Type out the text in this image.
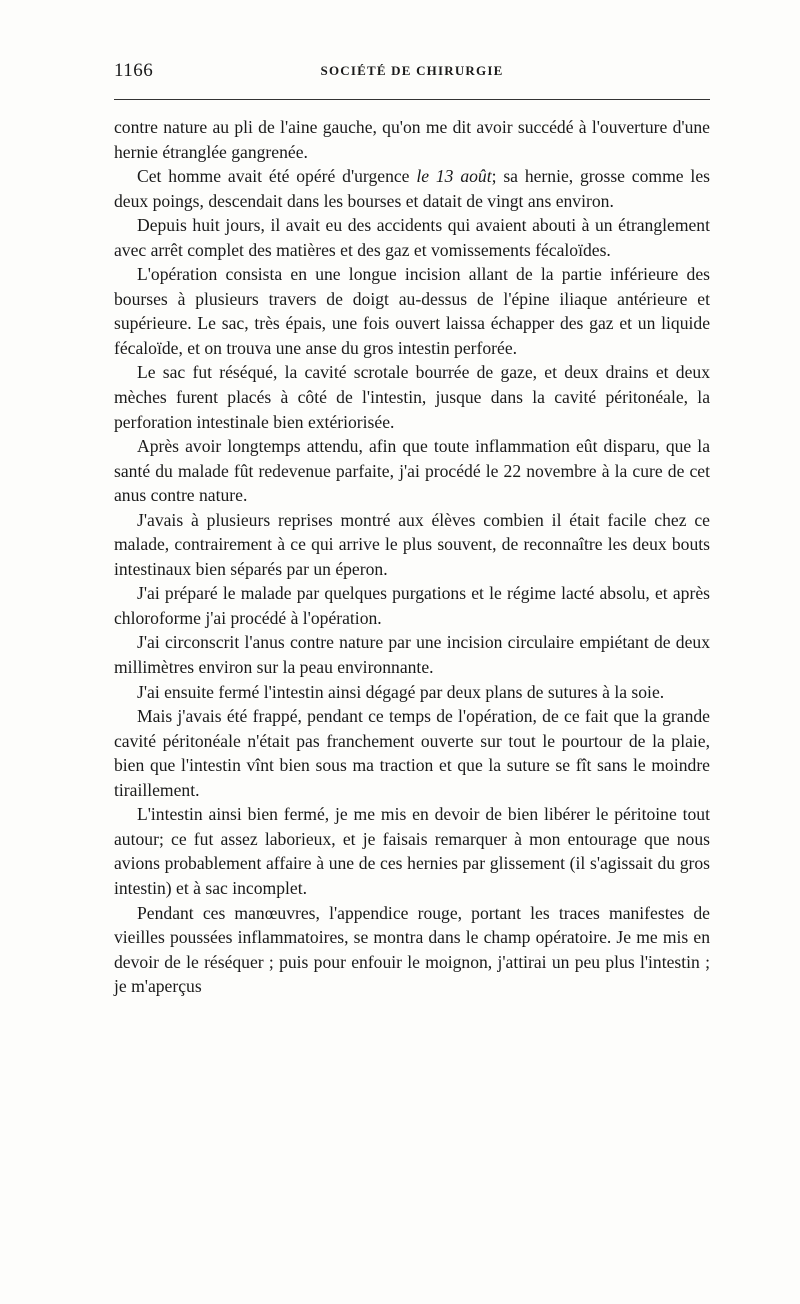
1166	SOCIÉTÉ DE CHIRURGIE

contre nature au pli de l'aine gauche, qu'on me dit avoir succédé à l'ouverture d'une hernie étranglée gangrenée.

Cet homme avait été opéré d'urgence le 13 août; sa hernie, grosse comme les deux poings, descendait dans les bourses et datait de vingt ans environ.

Depuis huit jours, il avait eu des accidents qui avaient abouti à un étranglement avec arrêt complet des matières et des gaz et vomissements fécaloïdes.

L'opération consista en une longue incision allant de la partie inférieure des bourses à plusieurs travers de doigt au-dessus de l'épine iliaque antérieure et supérieure. Le sac, très épais, une fois ouvert laissa échapper des gaz et un liquide fécaloïde, et on trouva une anse du gros intestin perforée.

Le sac fut réséqué, la cavité scrotale bourrée de gaze, et deux drains et deux mèches furent placés à côté de l'intestin, jusque dans la cavité péritonéale, la perforation intestinale bien extériorisée.

Après avoir longtemps attendu, afin que toute inflammation eût disparu, que la santé du malade fût redevenue parfaite, j'ai procédé le 22 novembre à la cure de cet anus contre nature.

J'avais à plusieurs reprises montré aux élèves combien il était facile chez ce malade, contrairement à ce qui arrive le plus souvent, de reconnaître les deux bouts intestinaux bien séparés par un éperon.

J'ai préparé le malade par quelques purgations et le régime lacté absolu, et après chloroforme j'ai procédé à l'opération.

J'ai circonscrit l'anus contre nature par une incision circulaire empiétant de deux millimètres environ sur la peau environnante.

J'ai ensuite fermé l'intestin ainsi dégagé par deux plans de sutures à la soie.

Mais j'avais été frappé, pendant ce temps de l'opération, de ce fait que la grande cavité péritonéale n'était pas franchement ouverte sur tout le pourtour de la plaie, bien que l'intestin vînt bien sous ma traction et que la suture se fît sans le moindre tiraillement.

L'intestin ainsi bien fermé, je me mis en devoir de bien libérer le péritoine tout autour; ce fut assez laborieux, et je faisais remarquer à mon entourage que nous avions probablement affaire à une de ces hernies par glissement (il s'agissait du gros intestin) et à sac incomplet.

Pendant ces manœuvres, l'appendice rouge, portant les traces manifestes de vieilles poussées inflammatoires, se montra dans le champ opératoire. Je me mis en devoir de le réséquer ; puis pour enfouir le moignon, j'attirai un peu plus l'intestin ; je m'aperçus
